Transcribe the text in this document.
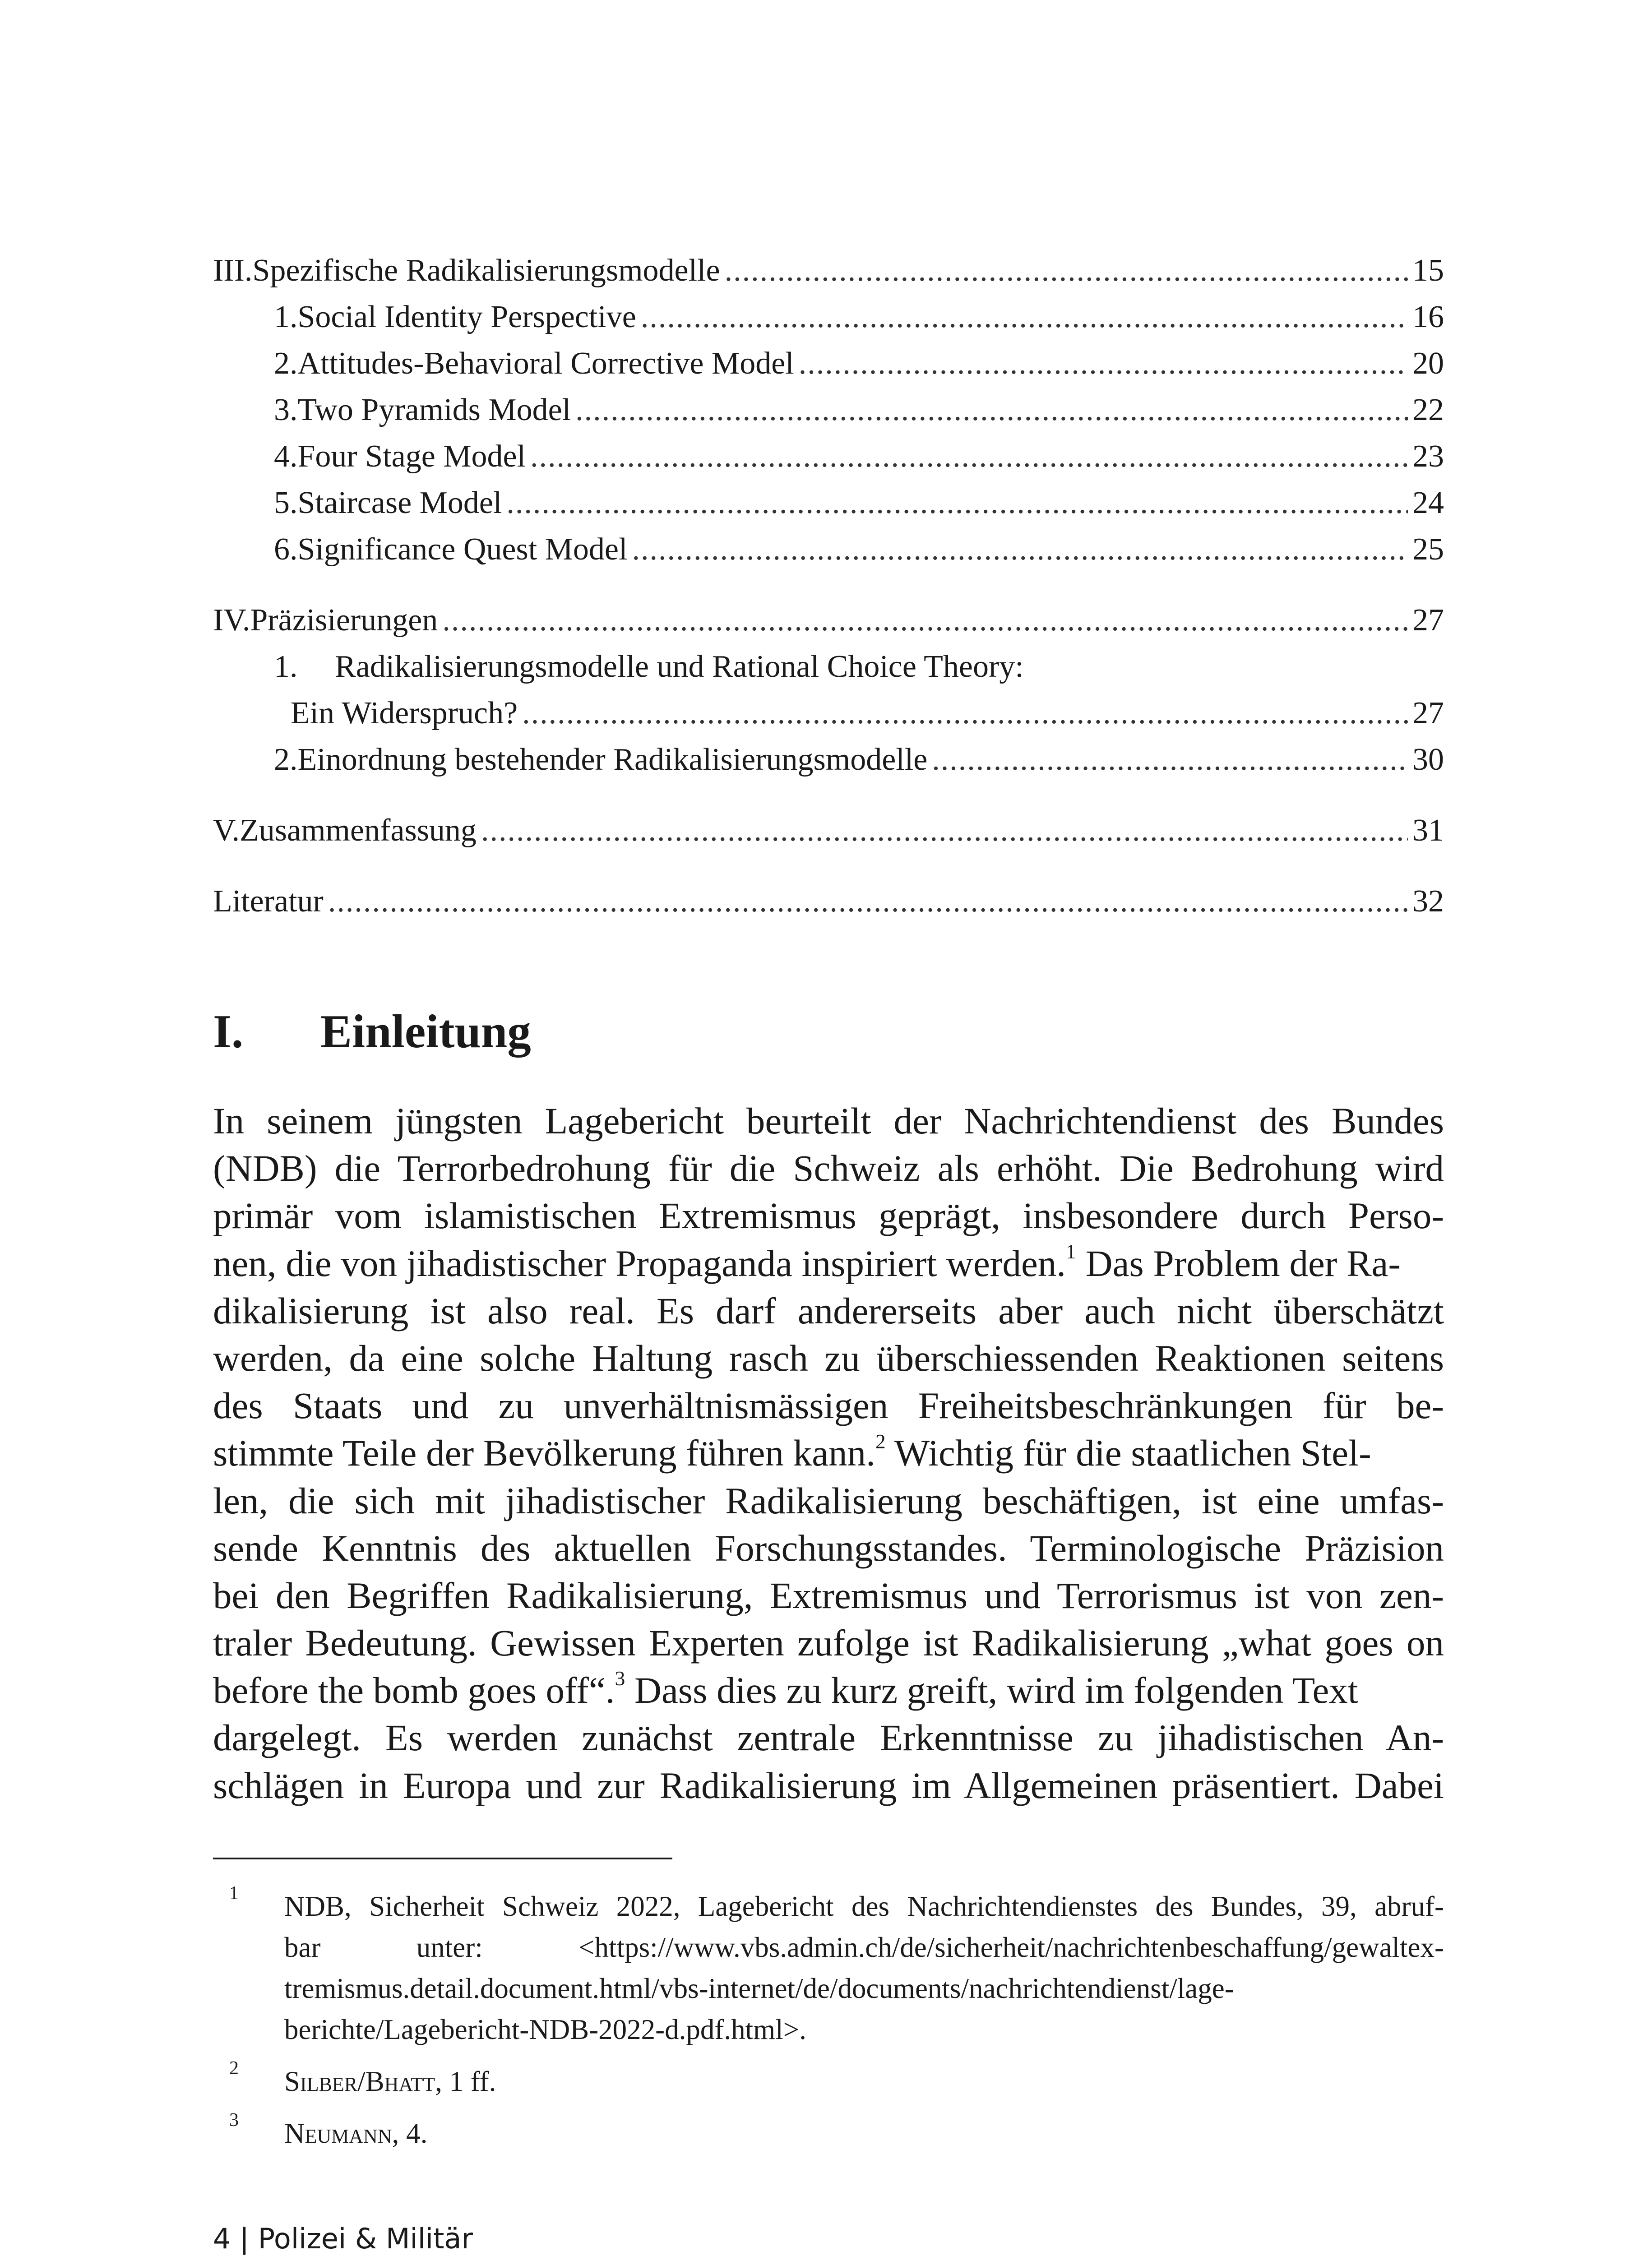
III. Spezifische Radikalisierungsmodelle .....	15
1. Social Identity Perspective .....	16
2. Attitudes-Behavioral Corrective Model .....	20
3. Two Pyramids Model .....	22
4. Four Stage Model .....	23
5. Staircase Model .....	24
6. Significance Quest Model .....	25
IV. Präzisierungen .....	27
1.	Radikalisierungsmodelle und Rational Choice Theory:
Ein Widerspruch? .....	27
2. Einordnung bestehender Radikalisierungsmodelle .....	30
V. Zusammenfassung .....	31
Literatur .....	32
I.	Einleitung
In seinem jüngsten Lagebericht beurteilt der Nachrichtendienst des Bundes
(NDB) die Terrorbedrohung für die Schweiz als erhöht. Die Bedrohung wird
primär vom islamistischen Extremismus geprägt, insbesondere durch Perso-
nen, die von jihadistischer Propaganda inspiriert werden.$^1$ Das Problem der Ra-
dikalisierung ist also real. Es darf andererseits aber auch nicht überschätzt
werden, da eine solche Haltung rasch zu überschiessenden Reaktionen seitens
des Staats und zu unverhältnismässigen Freiheitsbeschränkungen für be-
stimmte Teile der Bevölkerung führen kann.$^2$ Wichtig für die staatlichen Stel-
len, die sich mit jihadistischer Radikalisierung beschäftigen, ist eine umfas-
sende Kenntnis des aktuellen Forschungsstandes. Terminologische Präzision
bei den Begriffen Radikalisierung, Extremismus und Terrorismus ist von zen-
traler Bedeutung. Gewissen Experten zufolge ist Radikalisierung „what goes on
before the bomb goes off“.$^3$ Dass dies zu kurz greift, wird im folgenden Text
dargelegt. Es werden zunächst zentrale Erkenntnisse zu jihadistischen An-
schlägen in Europa und zur Radikalisierung im Allgemeinen präsentiert. Dabei
1 NDB, Sicherheit Schweiz 2022, Lagebericht des Nachrichtendienstes des Bundes, 39, abruf-
bar unter: <https://www.vbs.admin.ch/de/sicherheit/nachrichtenbeschaffung/gewaltex-
tremismus.detail.document.html/vbs-internet/de/documents/nachrichtendienst/lage-
berichte/Lagebericht-NDB-2022-d.pdf.html>.
2 Silber/Bhatt, 1 ff.
3 Neumann, 4.
4 | Polizei & Militär
